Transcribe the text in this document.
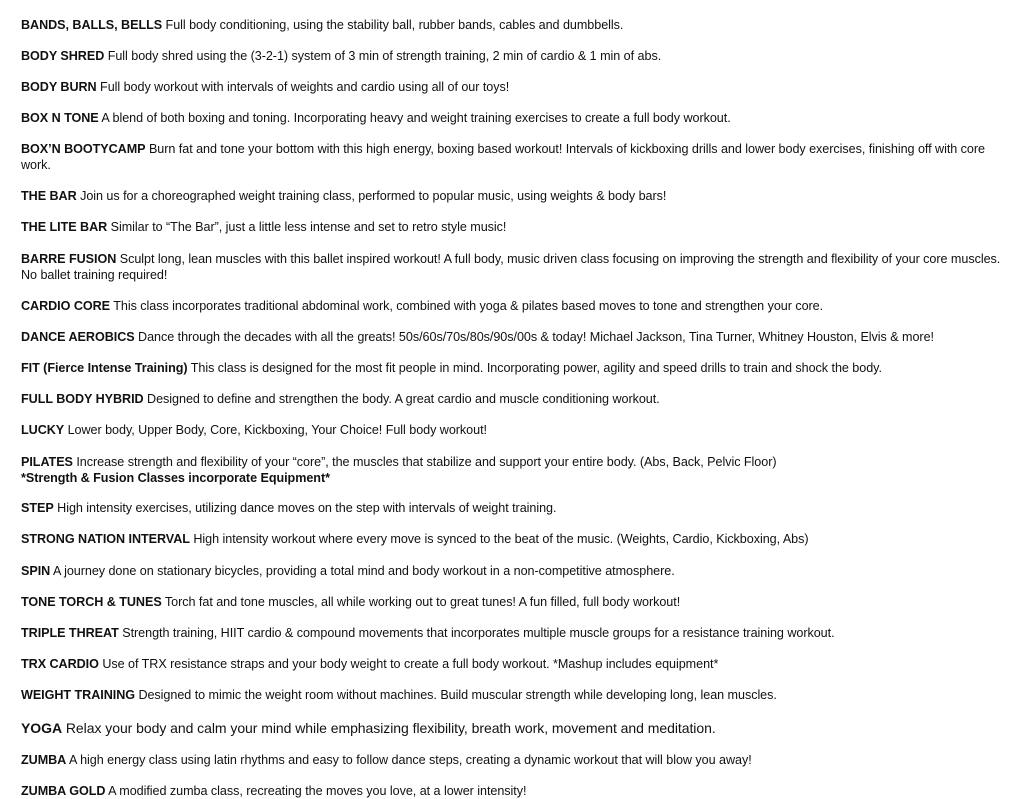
BANDS, BALLS, BELLS Full body conditioning, using the stability ball, rubber bands, cables and dumbbells.

BODY SHRED Full body shred using the (3-2-1) system of 3 min of strength training, 2 min of cardio & 1 min of abs.

BODY BURN Full body workout with intervals of weights and cardio using all of our toys!

BOX N TONE A blend of both boxing and toning. Incorporating heavy and weight training exercises to create a full body workout.

BOX’N BOOTYCAMP Burn fat and tone your bottom with this high energy, boxing based workout! Intervals of kickboxing drills and lower body exercises, finishing off with core work.

THE BAR Join us for a choreographed weight training class, performed to popular music, using weights & body bars!

THE LITE BAR Similar to “The Bar”, just a little less intense and set to retro style music!

BARRE FUSION Sculpt long, lean muscles with this ballet inspired workout! A full body, music driven class focusing on improving the strength and flexibility of your core muscles. No ballet training required!

CARDIO CORE This class incorporates traditional abdominal work, combined with yoga & pilates based moves to tone and strengthen your core.

DANCE AEROBICS Dance through the decades with all the greats! 50s/60s/70s/80s/90s/00s & today! Michael Jackson, Tina Turner, Whitney Houston, Elvis & more!

FIT (Fierce Intense Training) This class is designed for the most fit people in mind. Incorporating power, agility and speed drills to train and shock the body.

FULL BODY HYBRID Designed to define and strengthen the body. A great cardio and muscle conditioning workout.

LUCKY Lower body, Upper Body, Core, Kickboxing, Your Choice! Full body workout!

PILATES Increase strength and flexibility of your “core”, the muscles that stabilize and support your entire body. (Abs, Back, Pelvic Floor)
*Strength & Fusion Classes incorporate Equipment*

STEP High intensity exercises, utilizing dance moves on the step with intervals of weight training.

STRONG NATION INTERVAL High intensity workout where every move is synced to the beat of the music. (Weights, Cardio, Kickboxing, Abs)

SPIN A journey done on stationary bicycles, providing a total mind and body workout in a non-competitive atmosphere.

TONE TORCH & TUNES Torch fat and tone muscles, all while working out to great tunes! A fun filled, full body workout!

TRIPLE THREAT Strength training, HIIT cardio & compound movements that incorporates multiple muscle groups for a resistance training workout.

TRX CARDIO Use of TRX resistance straps and your body weight to create a full body workout. *Mashup includes equipment*

WEIGHT TRAINING Designed to mimic the weight room without machines. Build muscular strength while developing long, lean muscles.

YOGA Relax your body and calm your mind while emphasizing flexibility, breath work, movement and meditation.

ZUMBA A high energy class using latin rhythms and easy to follow dance steps, creating a dynamic workout that will blow you away!

ZUMBA GOLD A modified zumba class, recreating the moves you love, at a lower intensity!
